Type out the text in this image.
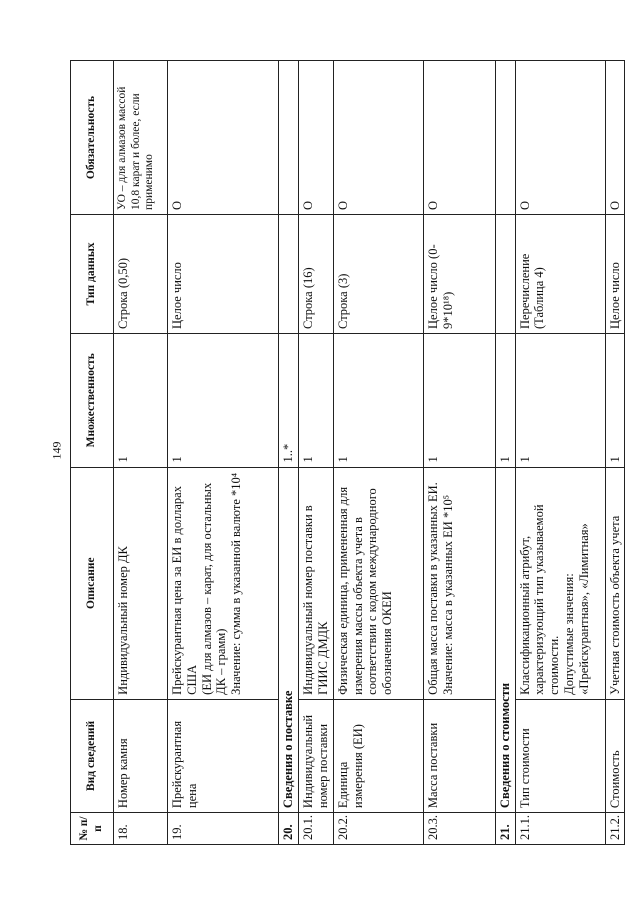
149
№ п/п	Вид сведений	Описание	Множественность	Тип данных	Обязательность
18.	Номер камня	Индивидуальный номер ДК	1	Строка (0,50)	УО – для алмазов массой 10,8 карат и более, если применимо
19.	Прейскурантная цена	Прейскурантная цена за ЕИ в долларах США
(ЕИ для алмазов – карат, для остальных ДК – грамм)
Значение: сумма в указанной валюте *10⁴	1	Целое число	О
20.	Сведения о поставке		1..*		
20.1.	Индивидуальный номер поставки	Индивидуальный номер поставки в ГИИС ДМДК	1	Строка (16)	О
20.2.	Единица измерения (ЕИ)	Физическая единица, примененная для измерения массы объекта учета в соответствии с кодом международного обозначения ОКЕИ	1	Строка (3)	О
20.3.	Масса поставки	Общая масса поставки в указанных ЕИ.
Значение: масса в указанных ЕИ *10⁵	1	Целое число (0-9*10¹⁸)	О
21.	Сведения о стоимости		1		
21.1.	Тип стоимости	Классификационный атрибут, характеризующий тип указываемой стоимости.
Допустимые значения: «Прейскурантная», «Лимитная»	1	Перечисление (Таблица 4)	О
21.2.	Стоимость	Учетная стоимость объекта учета	1	Целое число	О
